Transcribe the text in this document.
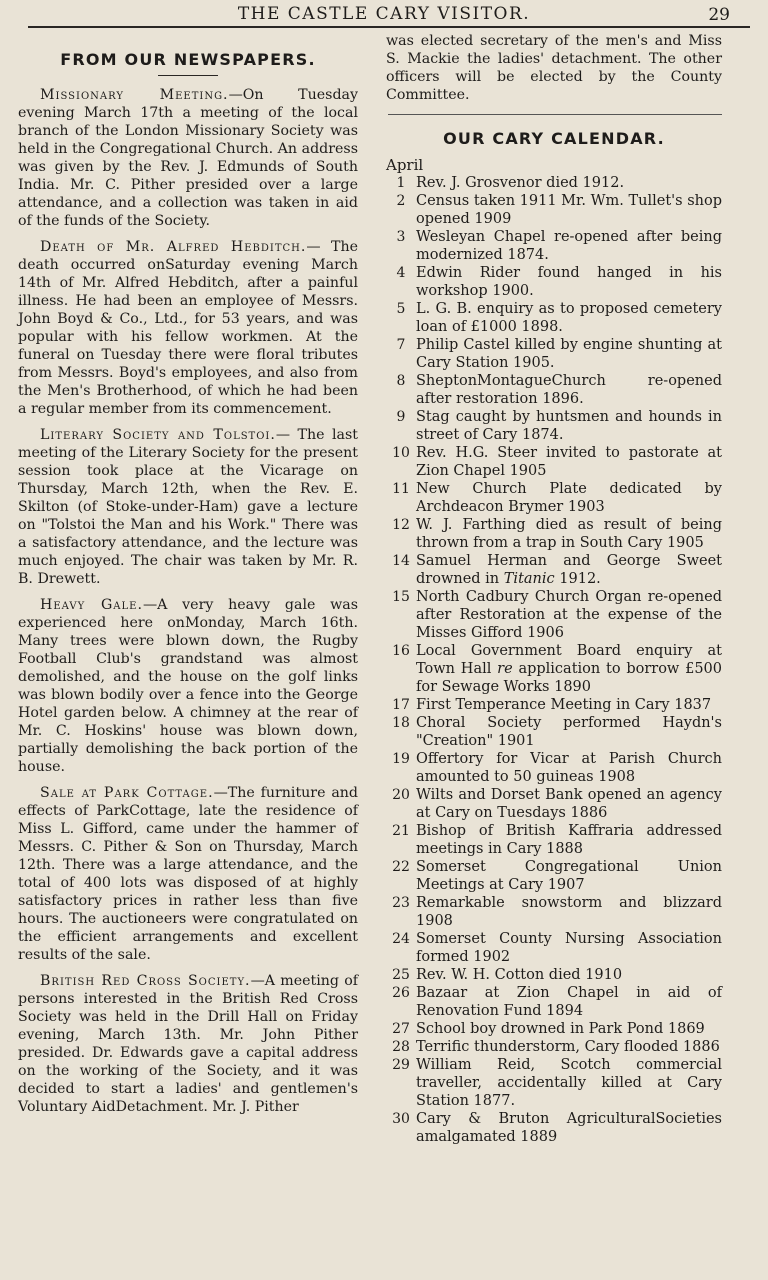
THE CASTLE CARY VISITOR.	29
FROM OUR NEWSPAPERS.

Missionary Meeting.—On Tuesday evening March 17th a meeting of the local branch of the London Missionary Society was held in the Congregational Church. An address was given by the Rev. J. Edmunds of South India. Mr. C. Pither presided over a large attendance, and a collection was taken in aid of the funds of the Society.

Death of Mr. Alfred Hebditch.— The death occurred onSaturday evening March 14th of Mr. Alfred Hebditch, after a painful illness. He had been an employee of Messrs. John Boyd & Co., Ltd., for 53 years, and was popular with his fellow workmen. At the funeral on Tuesday there were floral tributes from Messrs. Boyd's employees, and also from the Men's Brotherhood, of which he had been a regular member from its commencement.

Literary Society and Tolstoi.— The last meeting of the Literary Society for the present session took place at the Vicarage on Thursday, March 12th, when the Rev. E. Skilton (of Stoke-under-Ham) gave a lecture on "Tolstoi the Man and his Work." There was a satisfactory attendance, and the lecture was much enjoyed. The chair was taken by Mr. R. B. Drewett.

Heavy Gale.—A very heavy gale was experienced here onMonday, March 16th. Many trees were blown down, the Rugby Football Club's grandstand was almost demolished, and the house on the golf links was blown bodily over a fence into the George Hotel garden below. A chimney at the rear of Mr. C. Hoskins' house was blown down, partially demolishing the back portion of the house.

Sale at Park Cottage.—The furniture and effects of ParkCottage, late the residence of Miss L. Gifford, came under the hammer of Messrs. C. Pither & Son on Thursday, March 12th. There was a large attendance, and the total of 400 lots was disposed of at highly satisfactory prices in rather less than five hours. The auctioneers were congratulated on the efficient arrangements and excellent results of the sale.

British Red Cross Society.—A meeting of persons interested in the British Red Cross Society was held in the Drill Hall on Friday evening, March 13th. Mr. John Pither presided. Dr. Edwards gave a capital address on the working of the Society, and it was decided to start a ladies' and gentlemen's Voluntary AidDetachment. Mr. J. Pither

was elected secretary of the men's and Miss S. Mackie the ladies' detachment. The other officers will be elected by the County Committee.

OUR CARY CALENDAR.
April
1 Rev. J. Grosvenor died 1912.
2 Census taken 1911 Mr. Wm. Tullet's shop opened 1909
3 Wesleyan Chapel re-opened after being modernized 1874.
4 Edwin Rider found hanged in his workshop 1900.
5 L. G. B. enquiry as to proposed cemetery loan of £1000 1898.
7 Philip Castel killed by engine shunting at Cary Station 1905.
8 SheptonMontagueChurch re-opened after restoration 1896.
9 Stag caught by huntsmen and hounds in street of Cary 1874.
10 Rev. H.G. Steer invited to pastorate at Zion Chapel 1905
11 New Church Plate dedicated by Archdeacon Brymer 1903
12 W. J. Farthing died as result of being thrown from a trap in South Cary 1905
14 Samuel Herman and George Sweet drowned in Titanic 1912.
15 North Cadbury Church Organ re-opened after Restoration at the expense of the Misses Gifford 1906
16 Local Government Board enquiry at Town Hall re application to borrow £500 for Sewage Works 1890
17 First Temperance Meeting in Cary 1837
18 Choral Society performed Haydn's "Creation" 1901
19 Offertory for Vicar at Parish Church amounted to 50 guineas 1908
20 Wilts and Dorset Bank opened an agency at Cary on Tuesdays 1886
21 Bishop of British Kaffraria addressed meetings in Cary 1888
22 Somerset Congregational Union Meetings at Cary 1907
23 Remarkable snowstorm and blizzard 1908
24 Somerset County Nursing Association formed 1902
25 Rev. W. H. Cotton died 1910
26 Bazaar at Zion Chapel in aid of Renovation Fund 1894
27 School boy drowned in Park Pond 1869
28 Terrific thunderstorm, Cary flooded 1886
29 William Reid, Scotch commercial traveller, accidentally killed at Cary Station 1877.
30 Cary & Bruton AgriculturalSocieties amalgamated 1889
